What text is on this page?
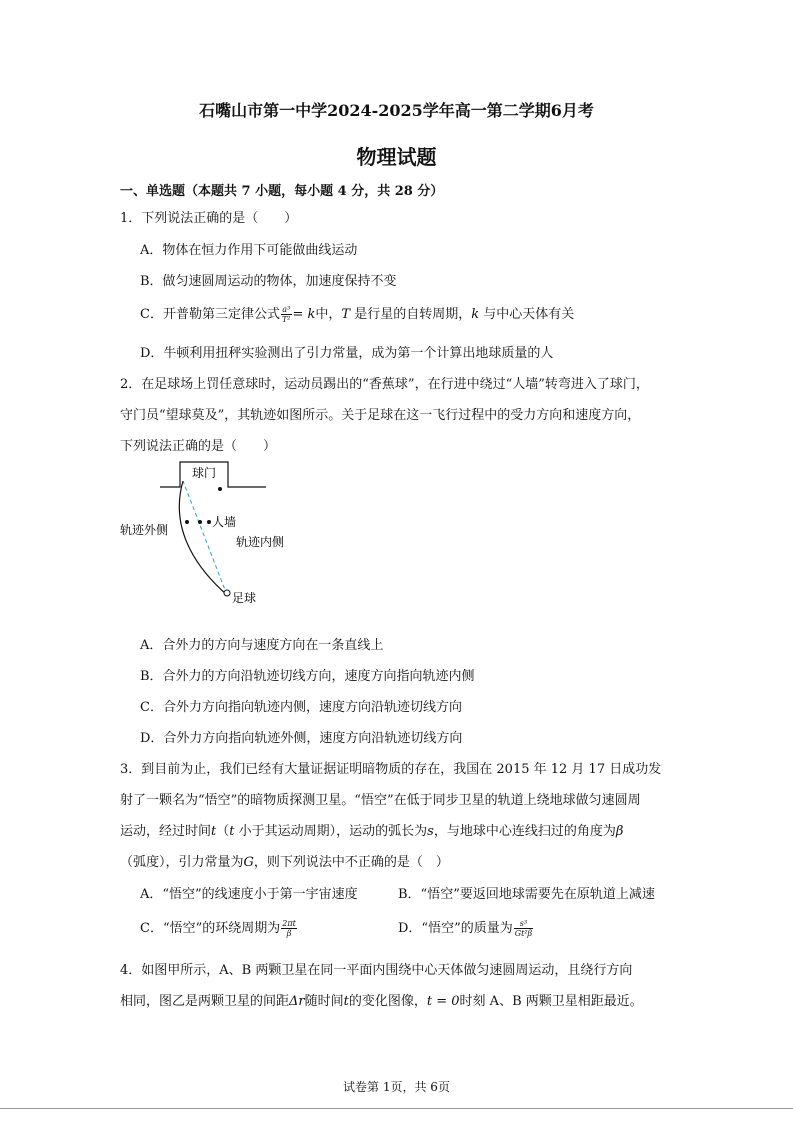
石嘴山市第一中学2024-2025学年高一第二学期6月考
物理试题
一、单选题（本题共 7 小题，每小题 4 分，共 28 分）
1．下列说法正确的是（　　）
A．物体在恒力作用下可能做曲线运动
B．做匀速圆周运动的物体，加速度保持不变
C．开普勒第三定律公式 $\frac{\text{a³}}{\text{T²}} = k$中，T 是行星的自转周期，k 与中心天体有关
D．牛顿利用扭秤实验测出了引力常量，成为第一个计算出地球质量的人
2．在足球场上罚任意球时，运动员踢出的“香蕉球”，在行进中绕过“人墙”转弯进入了球门，
守门员“望球莫及”，其轨迹如图所示。关于足球在这一飞行过程中的受力方向和速度方向，
下列说法正确的是（　　）
球门
人墙
轨迹外侧
轨迹内侧
足球
A．合外力的方向与速度方向在一条直线上
B．合外力的方向沿轨迹切线方向，速度方向指向轨迹内侧
C．合外力方向指向轨迹内侧，速度方向沿轨迹切线方向
D．合外力方向指向轨迹外侧，速度方向沿轨迹切线方向
3．到目前为止，我们已经有大量证据证明暗物质的存在，我国在 2015 年 12 月 17 日成功发
射了一颗名为“悟空”的暗物质探测卫星。“悟空”在低于同步卫星的轨道上绕地球做匀速圆周
运动，经过时间t（t 小于其运动周期），运动的弧长为s，与地球中心连线扫过的角度为β
（弧度），引力常量为G，则下列说法中不正确的是（　）
A．“悟空”的线速度小于第一宇宙速度	B．“悟空”要返回地球需要先在原轨道上减速
C．“悟空”的环绕周期为 $\frac{2\pi t}{\beta}$	D．“悟空”的质量为 $\frac{\text{s³}}{\text{Gt²β}}$
4．如图甲所示，A、B 两颗卫星在同一平面内围绕中心天体做匀速圆周运动，且绕行方向
相同，图乙是两颗卫星的间距Δr随时间t的变化图像，t = 0时刻 A、B 两颗卫星相距最近。
试卷第 1页，共 6页
